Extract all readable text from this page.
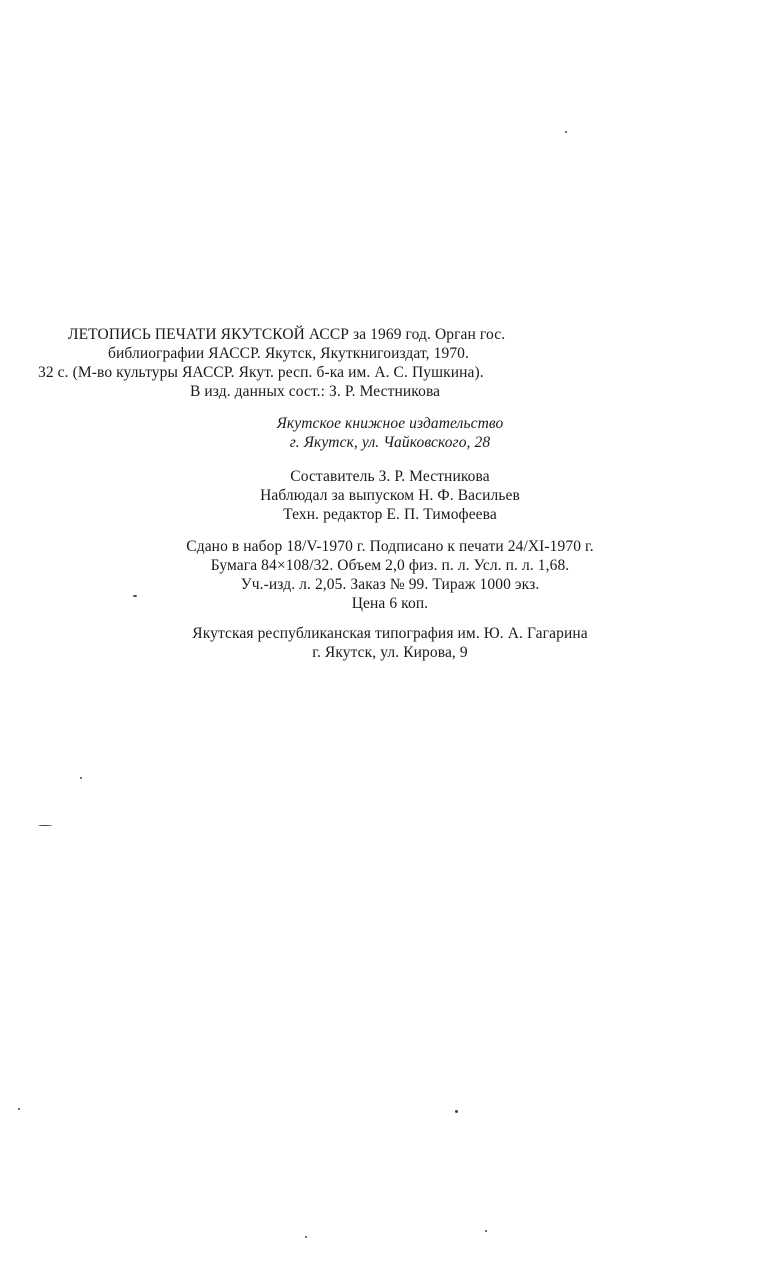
ЛЕТОПИСЬ ПЕЧАТИ ЯКУТСКОЙ АССР за 1969 год. Орган гос.
библиографии ЯАССР. Якутск, Якуткнигоиздат, 1970.
32 с. (М-во культуры ЯАССР. Якут. респ. б-ка им. А. С. Пушкина).
В изд. данных сост.: З. Р. Местникова
Якутское книжное издательство
г. Якутск, ул. Чайковского, 28
Составитель З. Р. Местникова
Наблюдал за выпуском Н. Ф. Васильев
Техн. редактор Е. П. Тимофеева
Сдано в набор 18/V-1970 г. Подписано к печати 24/XI-1970 г.
Бумага 84×108/32. Объем 2,0 физ. п. л. Усл. п. л. 1,68.
Уч.-изд. л. 2,05. Заказ № 99. Тираж 1000 экз.
Цена 6 коп.
Якутская республиканская типография им. Ю. А. Гагарина
г. Якутск, ул. Кирова, 9
